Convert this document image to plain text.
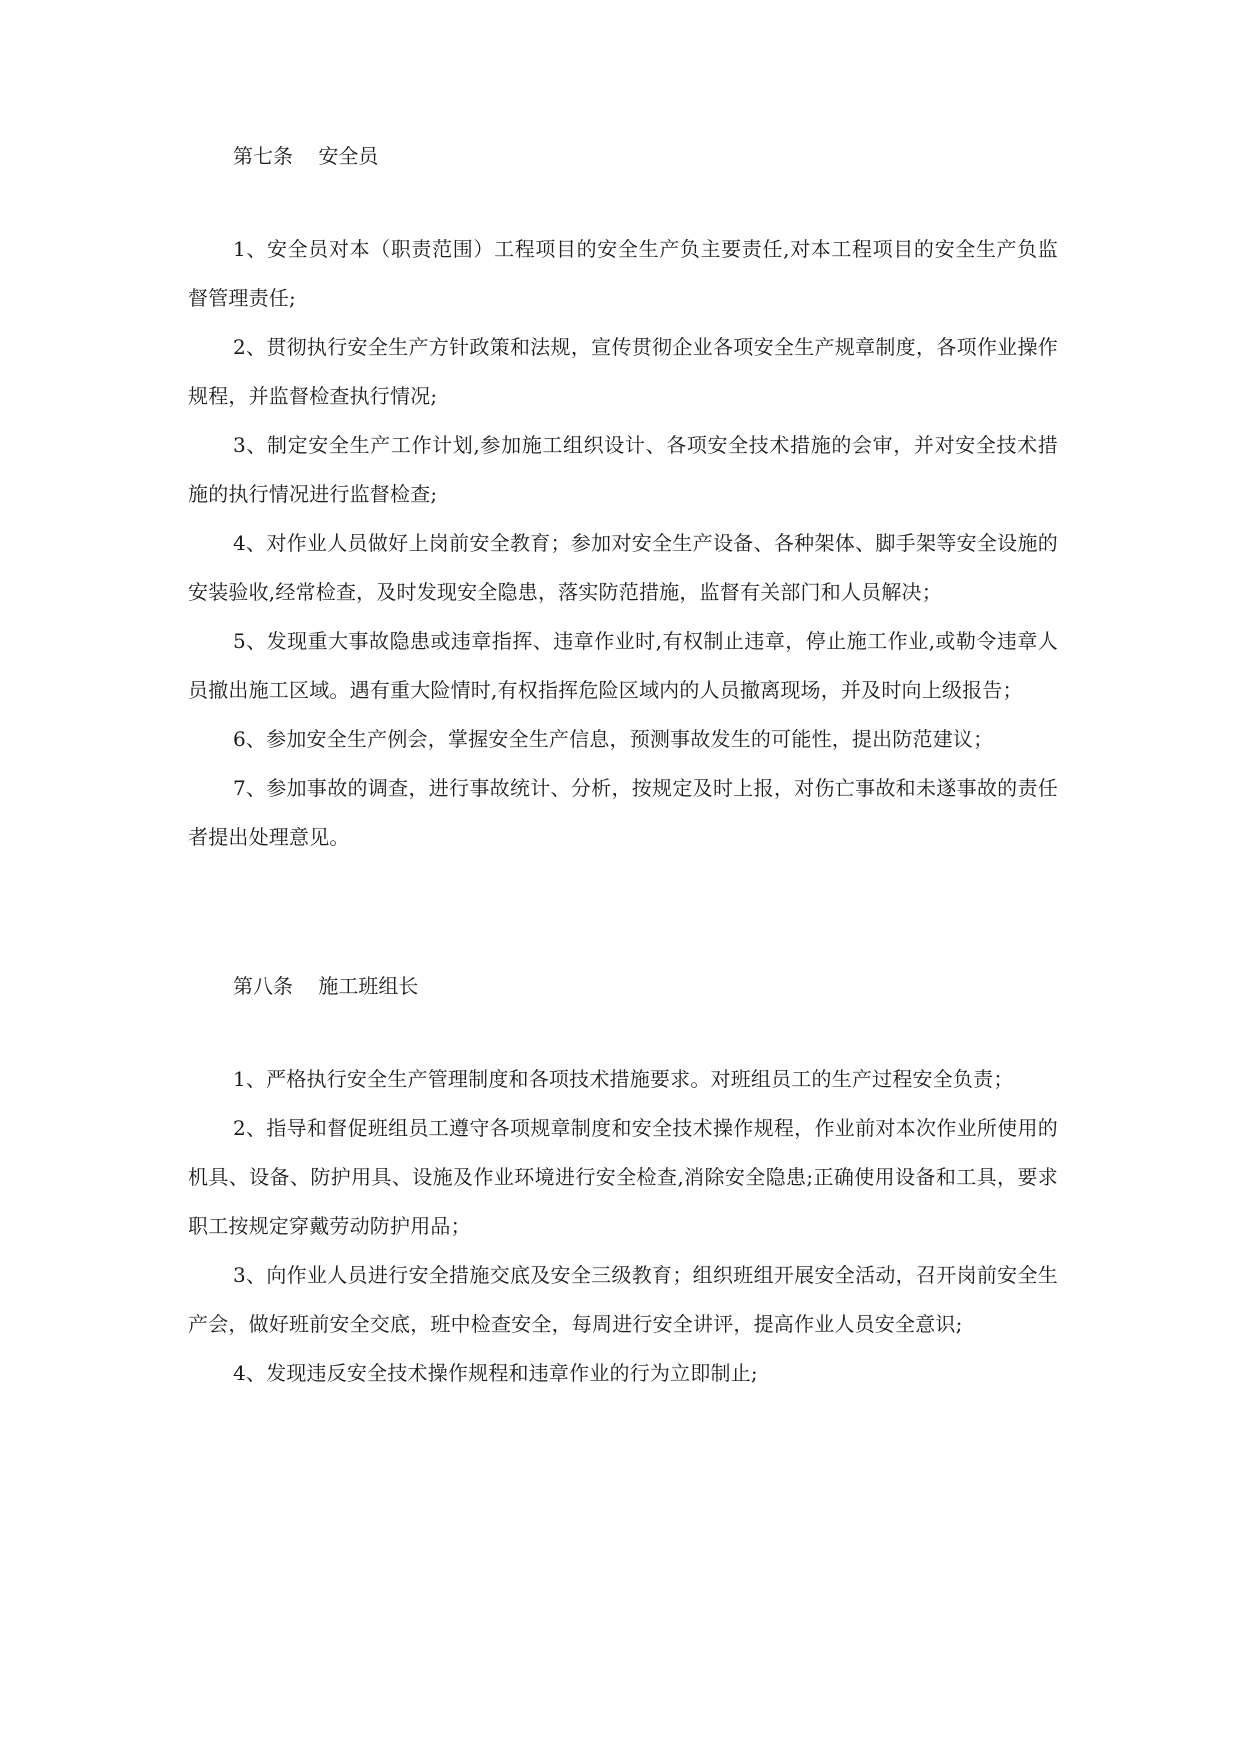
第七条    安全员

1、安全员对本（职责范围）工程项目的安全生产负主要责任,对本工程项目的安全生产负监督管理责任;

2、贯彻执行安全生产方针政策和法规，宣传贯彻企业各项安全生产规章制度，各项作业操作规程，并监督检查执行情况;

3、制定安全生产工作计划,参加施工组织设计、各项安全技术措施的会审，并对安全技术措施的执行情况进行监督检查;

4、对作业人员做好上岗前安全教育；参加对安全生产设备、各种架体、脚手架等安全设施的安装验收,经常检查，及时发现安全隐患，落实防范措施，监督有关部门和人员解决；

5、发现重大事故隐患或违章指挥、违章作业时,有权制止违章，停止施工作业,或勒令违章人员撤出施工区域。遇有重大险情时,有权指挥危险区域内的人员撤离现场，并及时向上级报告；

6、参加安全生产例会，掌握安全生产信息，预测事故发生的可能性，提出防范建议；

7、参加事故的调查，进行事故统计、分析，按规定及时上报，对伤亡事故和未遂事故的责任者提出处理意见。

第八条    施工班组长

1、严格执行安全生产管理制度和各项技术措施要求。对班组员工的生产过程安全负责；

2、指导和督促班组员工遵守各项规章制度和安全技术操作规程，作业前对本次作业所使用的机具、设备、防护用具、设施及作业环境进行安全检查,消除安全隐患;正确使用设备和工具，要求职工按规定穿戴劳动防护用品；

3、向作业人员进行安全措施交底及安全三级教育；组织班组开展安全活动，召开岗前安全生产会，做好班前安全交底，班中检查安全，每周进行安全讲评，提高作业人员安全意识;

4、发现违反安全技术操作规程和违章作业的行为立即制止;
